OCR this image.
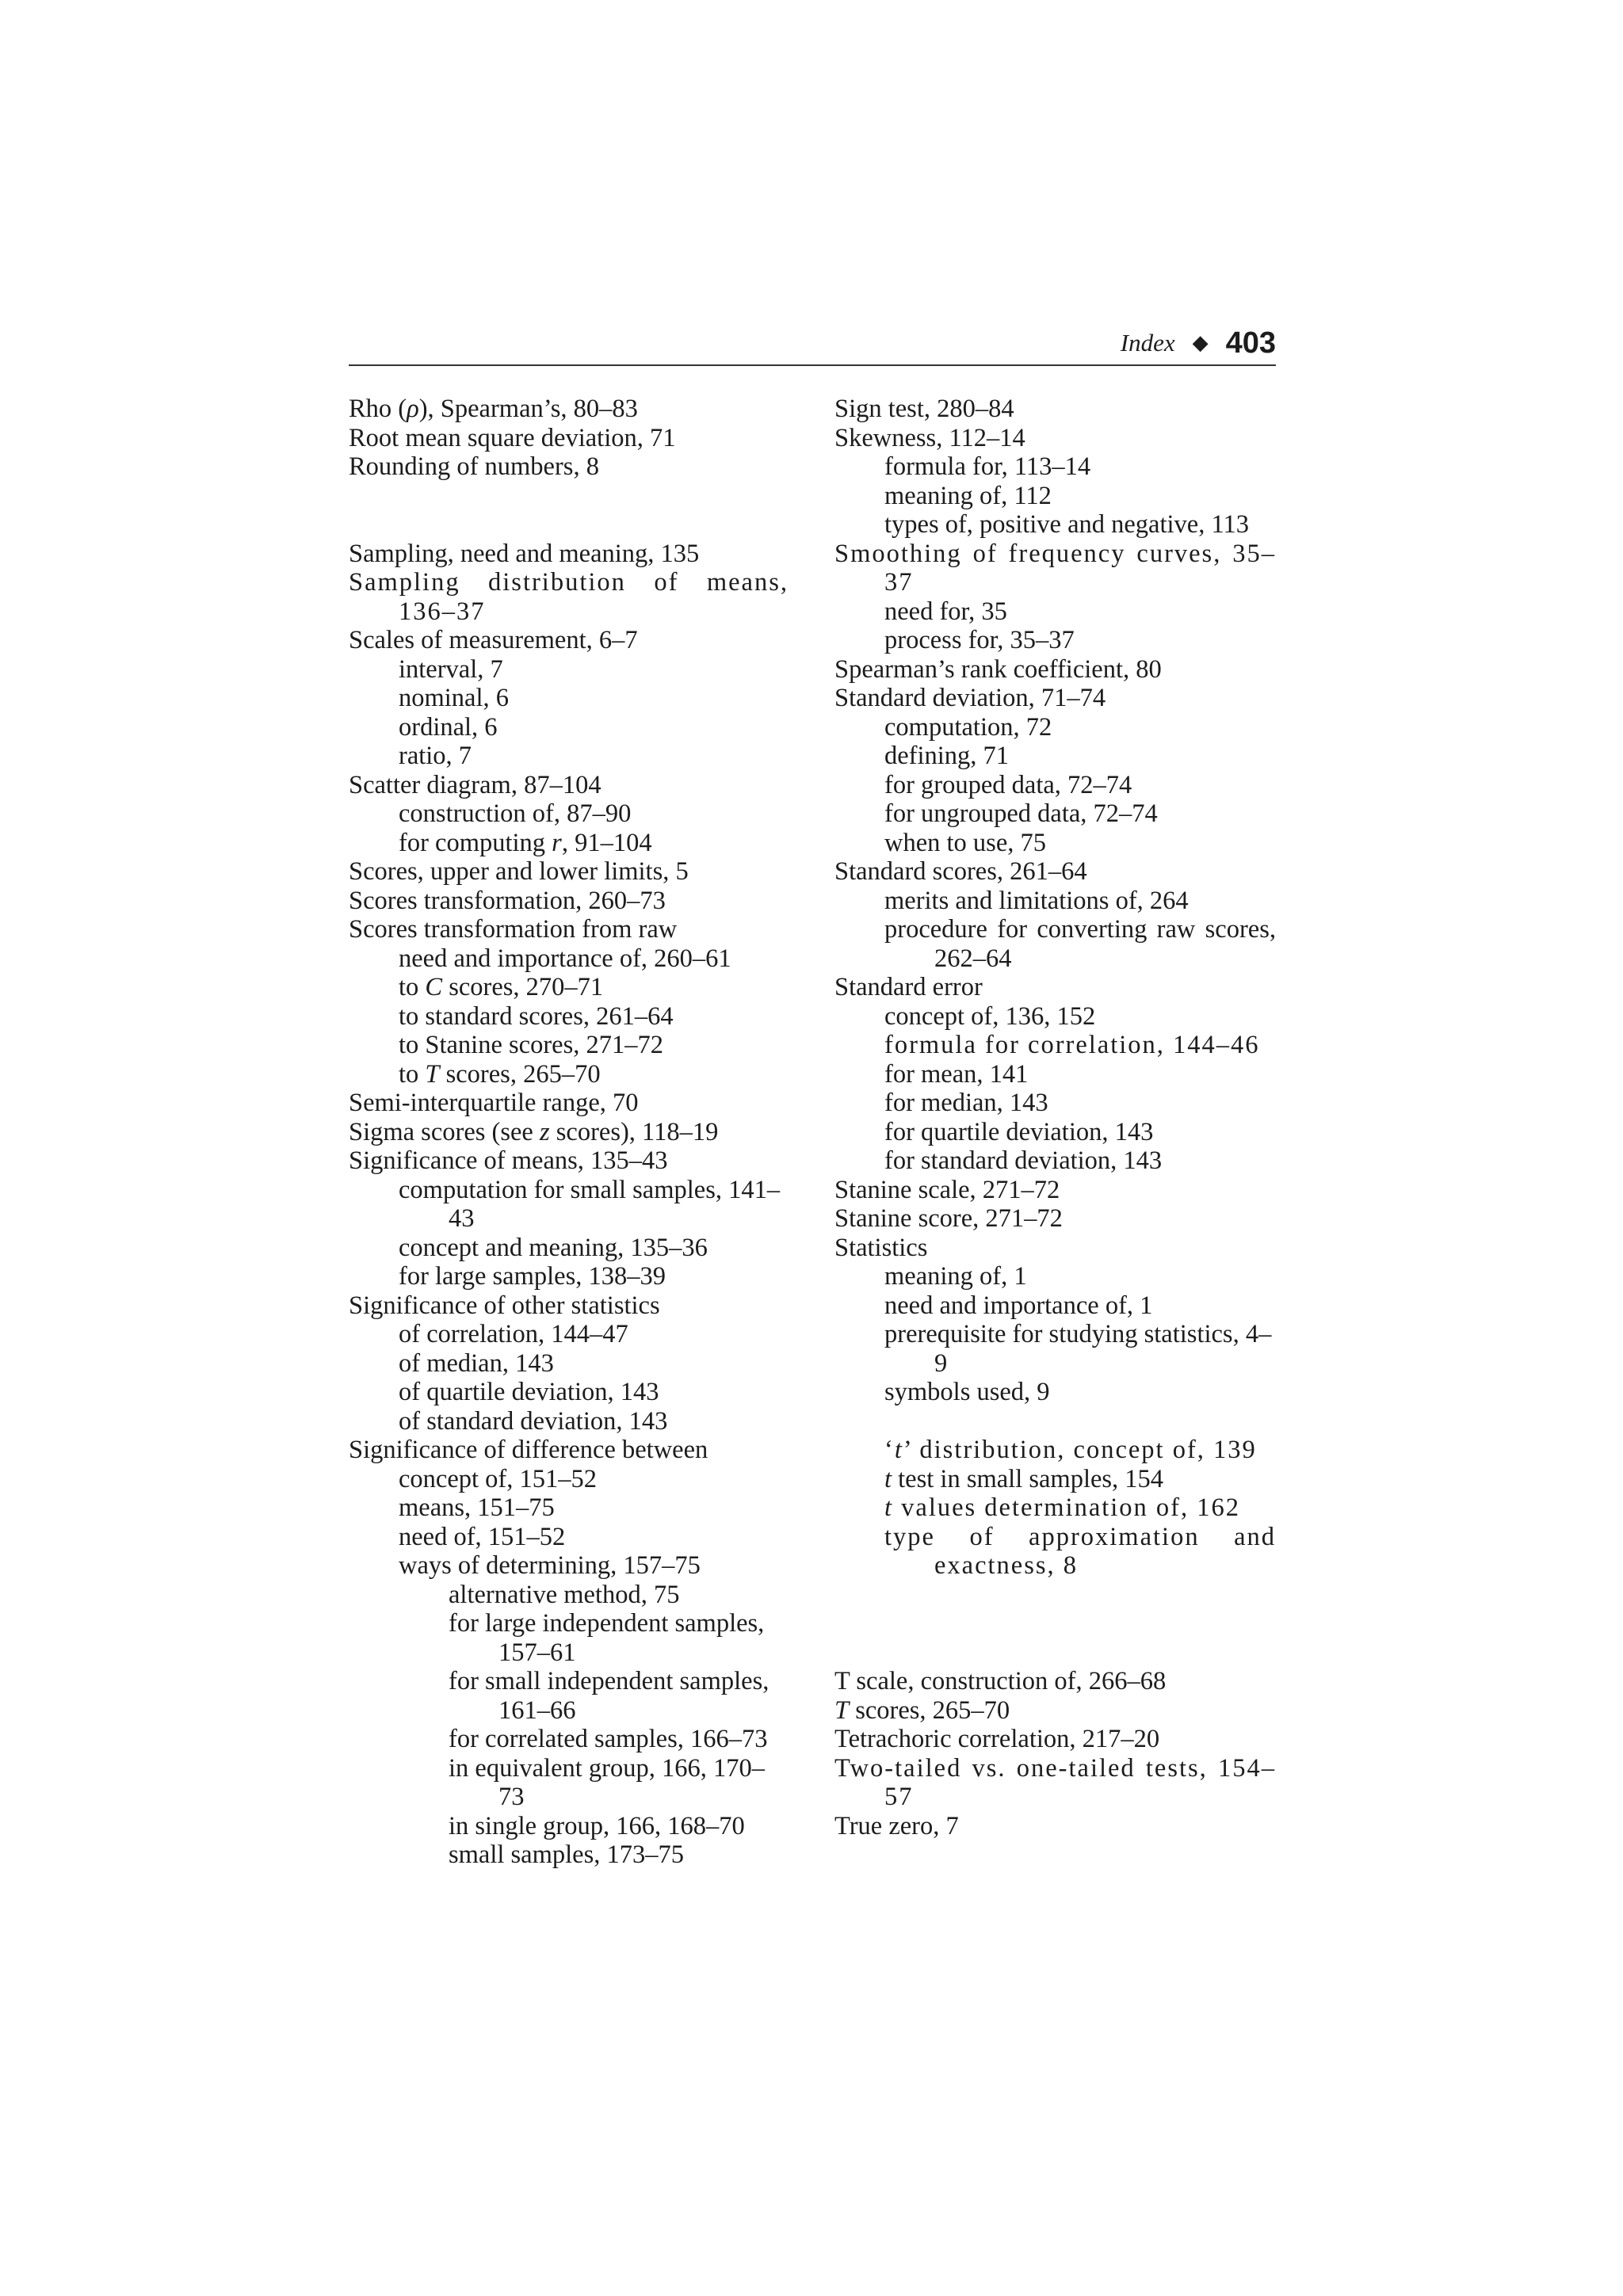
Index ◆ 403
Rho (ρ), Spearman’s, 80–83
Root mean square deviation, 71
Rounding of numbers, 8
Sampling, need and meaning, 135
Sampling distribution of means, 136–37
Scales of measurement, 6–7
interval, 7
nominal, 6
ordinal, 6
ratio, 7
Scatter diagram, 87–104
construction of, 87–90
for computing r, 91–104
Scores, upper and lower limits, 5
Scores transformation, 260–73
Scores transformation from raw
need and importance of, 260–61
to C scores, 270–71
to standard scores, 261–64
to Stanine scores, 271–72
to T scores, 265–70
Semi-interquartile range, 70
Sigma scores (see z scores), 118–19
Significance of means, 135–43
computation for small samples, 141–43
concept and meaning, 135–36
for large samples, 138–39
Significance of other statistics
of correlation, 144–47
of median, 143
of quartile deviation, 143
of standard deviation, 143
Significance of difference between
concept of, 151–52
means, 151–75
need of, 151–52
ways of determining, 157–75
alternative method, 75
for large independent samples, 157–61
for small independent samples, 161–66
for correlated samples, 166–73
in equivalent group, 166, 170–73
in single group, 166, 168–70
small samples, 173–75
Sign test, 280–84
Skewness, 112–14
formula for, 113–14
meaning of, 112
types of, positive and negative, 113
Smoothing of frequency curves, 35–37
need for, 35
process for, 35–37
Spearman’s rank coefficient, 80
Standard deviation, 71–74
computation, 72
defining, 71
for grouped data, 72–74
for ungrouped data, 72–74
when to use, 75
Standard scores, 261–64
merits and limitations of, 264
procedure for converting raw scores, 262–64
Standard error
concept of, 136, 152
formula for correlation, 144–46
for mean, 141
for median, 143
for quartile deviation, 143
for standard deviation, 143
Stanine scale, 271–72
Stanine score, 271–72
Statistics
meaning of, 1
need and importance of, 1
prerequisite for studying statistics, 4–9
symbols used, 9
‘t’ distribution, concept of, 139
t test in small samples, 154
t values determination of, 162
type of approximation and exactness, 8
T scale, construction of, 266–68
T scores, 265–70
Tetrachoric correlation, 217–20
Two-tailed vs. one-tailed tests, 154–57
True zero, 7
